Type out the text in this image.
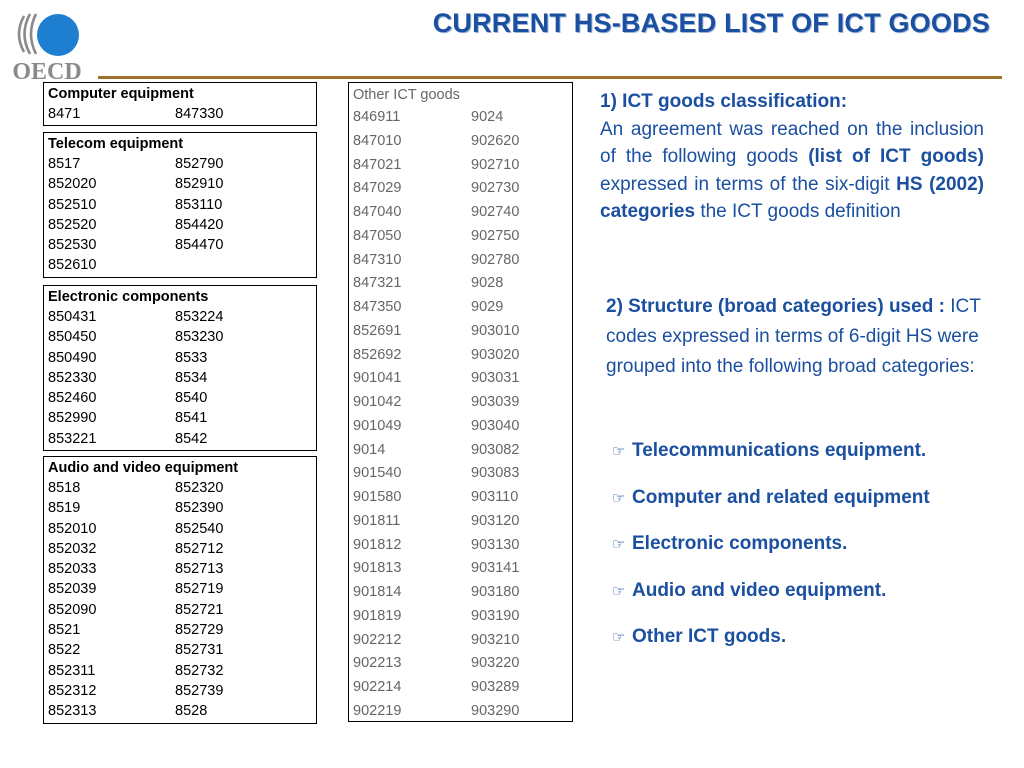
OECD
CURRENT HS-BASED LIST OF ICT GOODS
Computer equipment
8471	847330
Telecom equipment
8517	852790
852020	852910
852510	853110
852520	854420
852530	854470
852610
Electronic components
850431	853224
850450	853230
850490	8533
852330	8534
852460	8540
852990	8541
853221	8542
Audio and video equipment
8518	852320
8519	852390
852010	852540
852032	852712
852033	852713
852039	852719
852090	852721
8521	852729
8522	852731
852311	852732
852312	852739
852313	8528
Other ICT goods
846911	9024
847010	902620
847021	902710
847029	902730
847040	902740
847050	902750
847310	902780
847321	9028
847350	9029
852691	903010
852692	903020
901041	903031
901042	903039
901049	903040
9014	903082
901540	903083
901580	903110
901811	903120
901812	903130
901813	903141
901814	903180
901819	903190
902212	903210
902213	903220
902214	903289
902219	903290

1) ICT goods classification:
An agreement was reached on the inclusion of the following goods (list of ICT goods) expressed in terms of the six-digit HS (2002) categories the ICT goods definition

2) Structure (broad categories) used : ICT codes expressed in terms of 6-digit HS were grouped into the following broad categories:

☞ Telecommunications equipment.
☞ Computer and related equipment
☞ Electronic components.
☞ Audio and video equipment.
☞ Other ICT goods.
